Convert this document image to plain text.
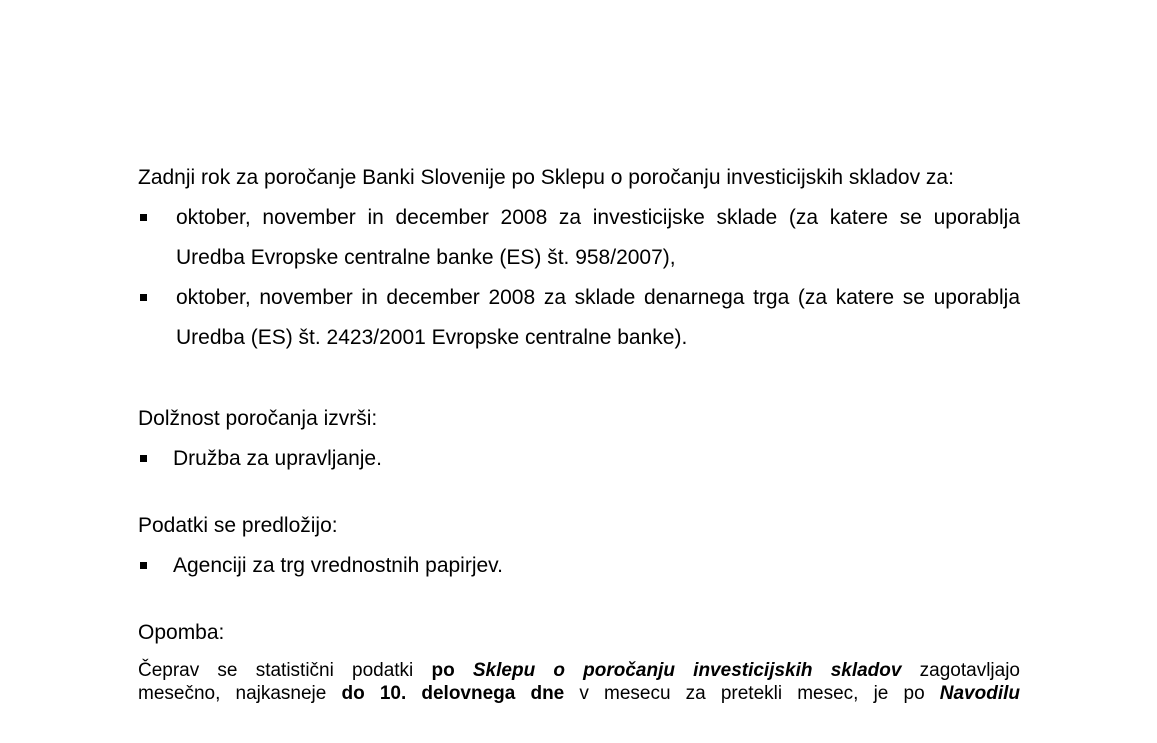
Zadnji rok za poročanje Banki Slovenije po Sklepu o poročanju investicijskih skladov za:

oktober, november in december 2008 za investicijske sklade (za katere se uporablja Uredba Evropske centralne banke (ES) št. 958/2007),
oktober, november in december 2008 za sklade denarnega trga (za katere se uporablja Uredba (ES) št. 2423/2001 Evropske centralne banke).

Dolžnost poročanja izvrši:

Družba za upravljanje.

Podatki se predložijo:

Agenciji za trg vrednostnih papirjev.

Opomba:

Čeprav se statistični podatki po Sklepu o poročanju investicijskih skladov zagotavljajo
mesečno, najkasneje do 10. delovnega dne v mesecu za pretekli mesec, je po Navodilu
